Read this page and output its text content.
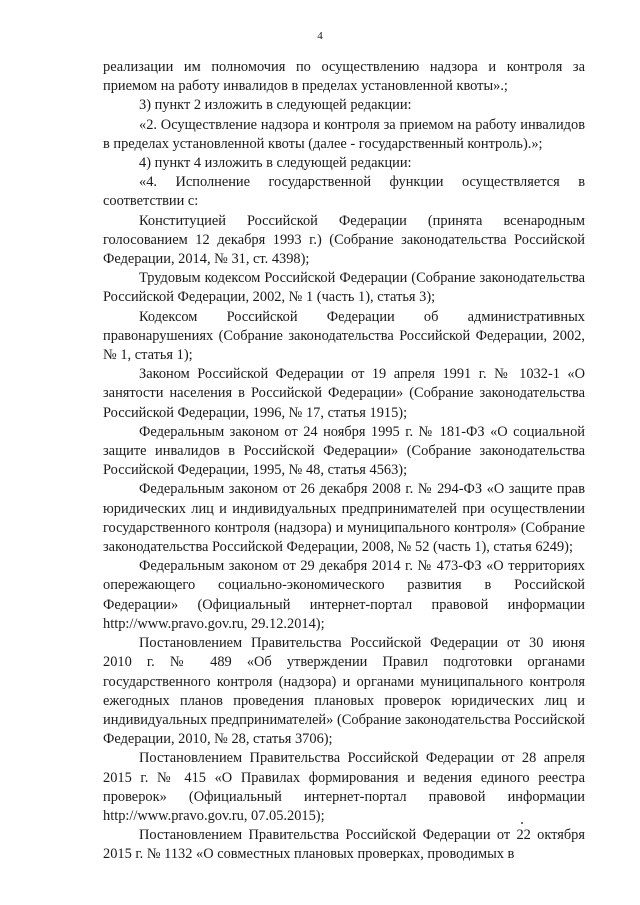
4

реализации им полномочия по осуществлению надзора и контроля за приемом на работу инвалидов в пределах установленной квоты».;

3) пункт 2 изложить в следующей редакции:

«2. Осуществление надзора и контроля за приемом на работу инвалидов в пределах установленной квоты (далее - государственный контроль).»;

4) пункт 4 изложить в следующей редакции:

«4. Исполнение государственной функции осуществляется в соответствии с:

Конституцией Российской Федерации (принята всенародным голосованием 12 декабря 1993 г.) (Собрание законодательства Российской Федерации, 2014, № 31, ст. 4398);

Трудовым кодексом Российской Федерации (Собрание законодательства Российской Федерации, 2002, № 1 (часть 1), статья 3);

Кодексом Российской Федерации об административных правонарушениях (Собрание законодательства Российской Федерации, 2002, № 1, статья 1);

Законом Российской Федерации от 19 апреля 1991 г. № 1032-1 «О занятости населения в Российской Федерации» (Собрание законодательства Российской Федерации, 1996, № 17, статья 1915);

Федеральным законом от 24 ноября 1995 г. № 181-ФЗ «О социальной защите инвалидов в Российской Федерации» (Собрание законодательства Российской Федерации, 1995, № 48, статья 4563);

Федеральным законом от 26 декабря 2008 г. № 294-ФЗ «О защите прав юридических лиц и индивидуальных предпринимателей при осуществлении государственного контроля (надзора) и муниципального контроля» (Собрание законодательства Российской Федерации, 2008, № 52 (часть 1), статья 6249);

Федеральным законом от 29 декабря 2014 г. № 473-ФЗ «О территориях опережающего социально-экономического развития в Российской Федерации» (Официальный интернет-портал правовой информации http://www.pravo.gov.ru, 29.12.2014);

Постановлением Правительства Российской Федерации от 30 июня 2010 г. № 489 «Об утверждении Правил подготовки органами государственного контроля (надзора) и органами муниципального контроля ежегодных планов проведения плановых проверок юридических лиц и индивидуальных предпринимателей» (Собрание законодательства Российской Федерации, 2010, № 28, статья 3706);

Постановлением Правительства Российской Федерации от 28 апреля 2015 г. № 415 «О Правилах формирования и ведения единого реестра проверок» (Официальный интернет-портал правовой информации http://www.pravo.gov.ru, 07.05.2015);

Постановлением Правительства Российской Федерации от 22 октября 2015 г. № 1132 «О совместных плановых проверках, проводимых в
